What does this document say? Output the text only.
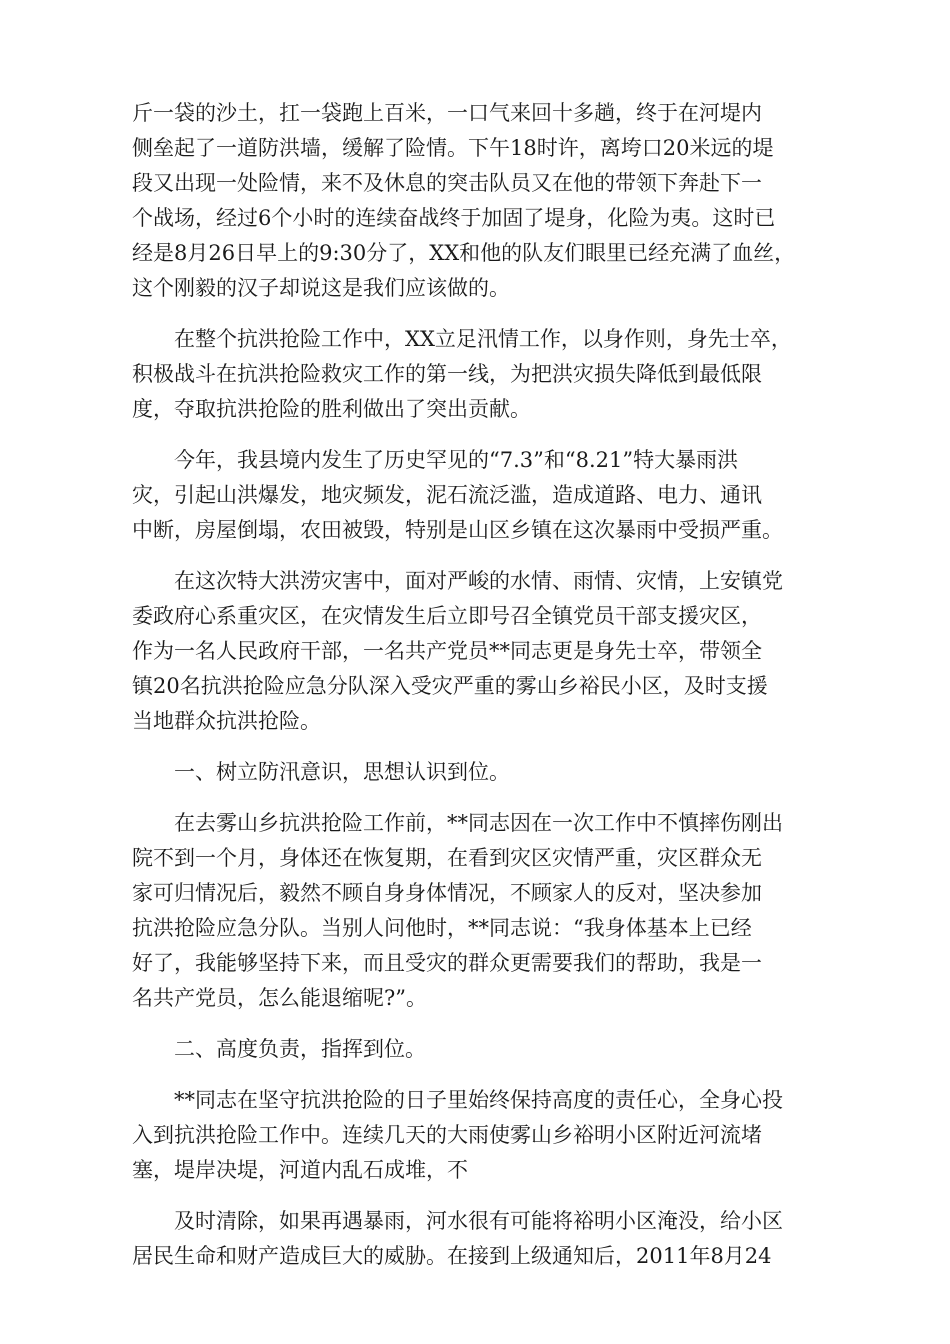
斤一袋的沙土，扛一袋跑上百米，一口气来回十多趟，终于在河堤内
侧垒起了一道防洪墙，缓解了险情。下午18时许，离垮口20米远的堤
段又出现一处险情，来不及休息的突击队员又在他的带领下奔赴下一
个战场，经过6个小时的连续奋战终于加固了堤身，化险为夷。这时已
经是8月26日早上的9:30分了，XX和他的队友们眼里已经充满了血丝，
这个刚毅的汉子却说这是我们应该做的。

在整个抗洪抢险工作中，XX立足汛情工作，以身作则，身先士卒，
积极战斗在抗洪抢险救灾工作的第一线，为把洪灾损失降低到最低限
度，夺取抗洪抢险的胜利做出了突出贡献。

今年，我县境内发生了历史罕见的“7.3”和“8.21”特大暴雨洪
灾，引起山洪爆发，地灾频发，泥石流泛滥，造成道路、电力、通讯
中断，房屋倒塌，农田被毁，特别是山区乡镇在这次暴雨中受损严重。

在这次特大洪涝灾害中，面对严峻的水情、雨情、灾情，上安镇党
委政府心系重灾区，在灾情发生后立即号召全镇党员干部支援灾区，
作为一名人民政府干部，一名共产党员**同志更是身先士卒，带领全
镇20名抗洪抢险应急分队深入受灾严重的雾山乡裕民小区，及时支援
当地群众抗洪抢险。

一、树立防汛意识，思想认识到位。

在去雾山乡抗洪抢险工作前，**同志因在一次工作中不慎摔伤刚出
院不到一个月，身体还在恢复期，在看到灾区灾情严重，灾区群众无
家可归情况后，毅然不顾自身身体情况，不顾家人的反对，坚决参加
抗洪抢险应急分队。当别人问他时，**同志说：“我身体基本上已经
好了，我能够坚持下来，而且受灾的群众更需要我们的帮助，我是一
名共产党员，怎么能退缩呢?”。

二、高度负责，指挥到位。

**同志在坚守抗洪抢险的日子里始终保持高度的责任心，全身心投
入到抗洪抢险工作中。连续几天的大雨使雾山乡裕明小区附近河流堵
塞，堤岸决堤，河道内乱石成堆，不

及时清除，如果再遇暴雨，河水很有可能将裕明小区淹没，给小区
居民生命和财产造成巨大的威胁。在接到上级通知后，2011年8月24
